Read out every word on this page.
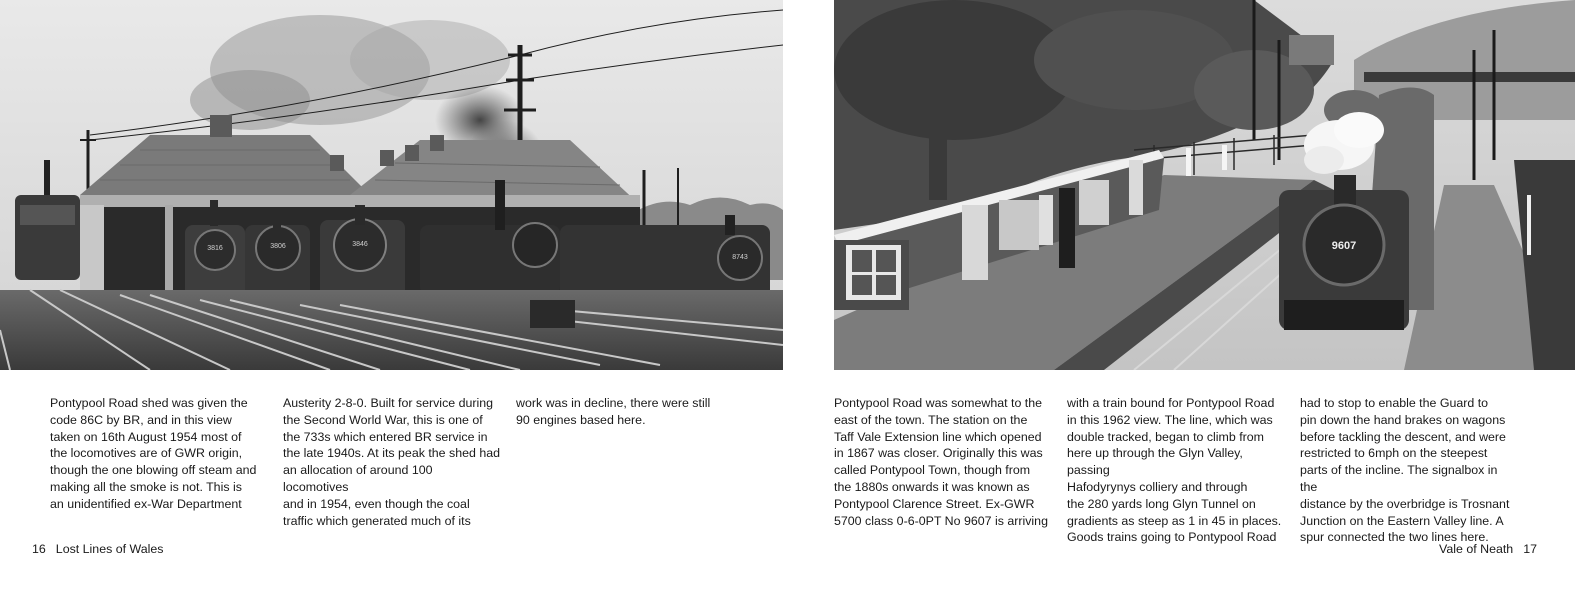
3816	3806	3846
8743
9607
Pontypool Road shed was given the
code 86C by BR, and in this view
taken on 16th August 1954 most of
the locomotives are of GWR origin,
though the one blowing off steam and
making all the smoke is not. This is
an unidentified ex-War Department
Austerity 2-8-0. Built for service during
the Second World War, this is one of
the 733s which entered BR service in
the late 1940s. At its peak the shed had
an allocation of around 100 locomotives
and in 1954, even though the coal
traffic which generated much of its
work was in decline, there were still
90 engines based here.
Pontypool Road was somewhat to the
east of the town. The station on the
Taff Vale Extension line which opened
in 1867 was closer. Originally this was
called Pontypool Town, though from
the 1880s onwards it was known as
Pontypool Clarence Street. Ex-GWR
5700 class 0-6-0PT No 9607 is arriving
with a train bound for Pontypool Road
in this 1962 view. The line, which was
double tracked, began to climb from
here up through the Glyn Valley, passing
Hafodyrynys colliery and through
the 280 yards long Glyn Tunnel on
gradients as steep as 1 in 45 in places.
Goods trains going to Pontypool Road
had to stop to enable the Guard to
pin down the hand brakes on wagons
before tackling the descent, and were
restricted to 6mph on the steepest
parts of the incline. The signalbox in the
distance by the overbridge is Trosnant
Junction on the Eastern Valley line. A
spur connected the two lines here.
16 Lost Lines of Wales	Vale of Neath 17
